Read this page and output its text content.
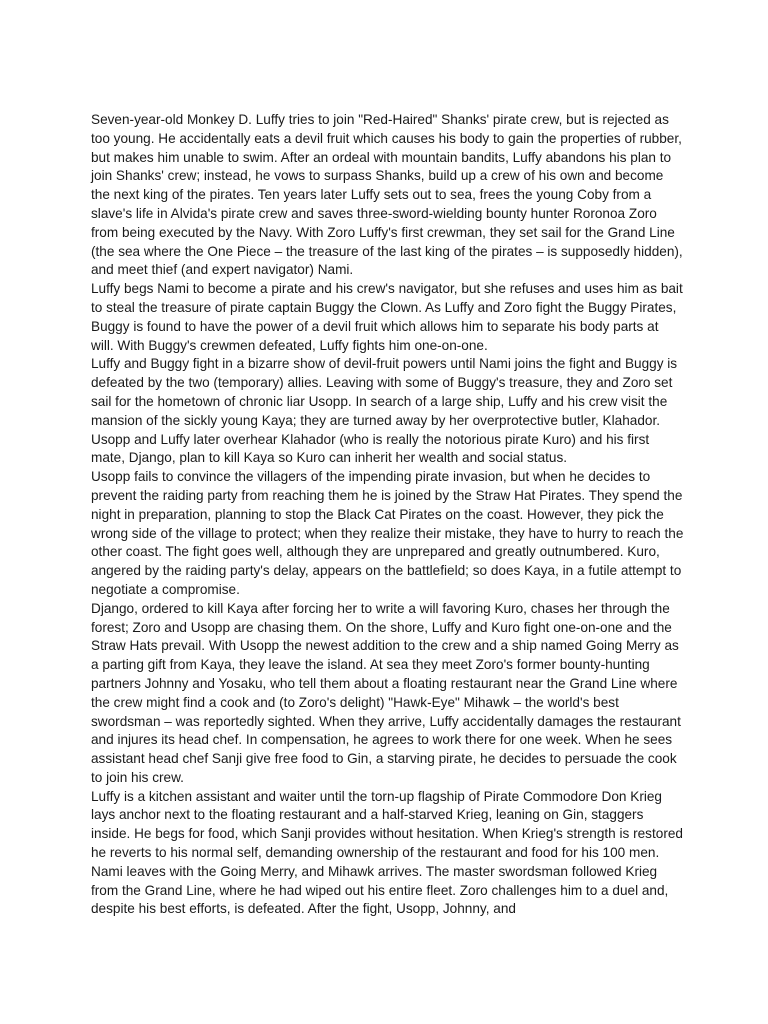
Seven-year-old Monkey D. Luffy tries to join "Red-Haired" Shanks' pirate crew, but is rejected as too young. He accidentally eats a devil fruit which causes his body to gain the properties of rubber, but makes him unable to swim. After an ordeal with mountain bandits, Luffy abandons his plan to join Shanks' crew; instead, he vows to surpass Shanks, build up a crew of his own and become the next king of the pirates. Ten years later Luffy sets out to sea, frees the young Coby from a slave's life in Alvida's pirate crew and saves three-sword-wielding bounty hunter Roronoa Zoro from being executed by the Navy. With Zoro Luffy's first crewman, they set sail for the Grand Line (the sea where the One Piece – the treasure of the last king of the pirates – is supposedly hidden), and meet thief (and expert navigator) Nami.

Luffy begs Nami to become a pirate and his crew's navigator, but she refuses and uses him as bait to steal the treasure of pirate captain Buggy the Clown. As Luffy and Zoro fight the Buggy Pirates, Buggy is found to have the power of a devil fruit which allows him to separate his body parts at will. With Buggy's crewmen defeated, Luffy fights him one-on-one.

Luffy and Buggy fight in a bizarre show of devil-fruit powers until Nami joins the fight and Buggy is defeated by the two (temporary) allies. Leaving with some of Buggy's treasure, they and Zoro set sail for the hometown of chronic liar Usopp. In search of a large ship, Luffy and his crew visit the mansion of the sickly young Kaya; they are turned away by her overprotective butler, Klahador. Usopp and Luffy later overhear Klahador (who is really the notorious pirate Kuro) and his first mate, Django, plan to kill Kaya so Kuro can inherit her wealth and social status.

Usopp fails to convince the villagers of the impending pirate invasion, but when he decides to prevent the raiding party from reaching them he is joined by the Straw Hat Pirates. They spend the night in preparation, planning to stop the Black Cat Pirates on the coast. However, they pick the wrong side of the village to protect; when they realize their mistake, they have to hurry to reach the other coast. The fight goes well, although they are unprepared and greatly outnumbered. Kuro, angered by the raiding party's delay, appears on the battlefield; so does Kaya, in a futile attempt to negotiate a compromise.

Django, ordered to kill Kaya after forcing her to write a will favoring Kuro, chases her through the forest; Zoro and Usopp are chasing them. On the shore, Luffy and Kuro fight one-on-one and the Straw Hats prevail. With Usopp the newest addition to the crew and a ship named Going Merry as a parting gift from Kaya, they leave the island. At sea they meet Zoro's former bounty-hunting partners Johnny and Yosaku, who tell them about a floating restaurant near the Grand Line where the crew might find a cook and (to Zoro's delight) "Hawk-Eye" Mihawk – the world's best swordsman – was reportedly sighted. When they arrive, Luffy accidentally damages the restaurant and injures its head chef. In compensation, he agrees to work there for one week. When he sees assistant head chef Sanji give free food to Gin, a starving pirate, he decides to persuade the cook to join his crew.

Luffy is a kitchen assistant and waiter until the torn-up flagship of Pirate Commodore Don Krieg lays anchor next to the floating restaurant and a half-starved Krieg, leaning on Gin, staggers inside. He begs for food, which Sanji provides without hesitation. When Krieg's strength is restored he reverts to his normal self, demanding ownership of the restaurant and food for his 100 men. Nami leaves with the Going Merry, and Mihawk arrives. The master swordsman followed Krieg from the Grand Line, where he had wiped out his entire fleet. Zoro challenges him to a duel and, despite his best efforts, is defeated. After the fight, Usopp, Johnny, and
